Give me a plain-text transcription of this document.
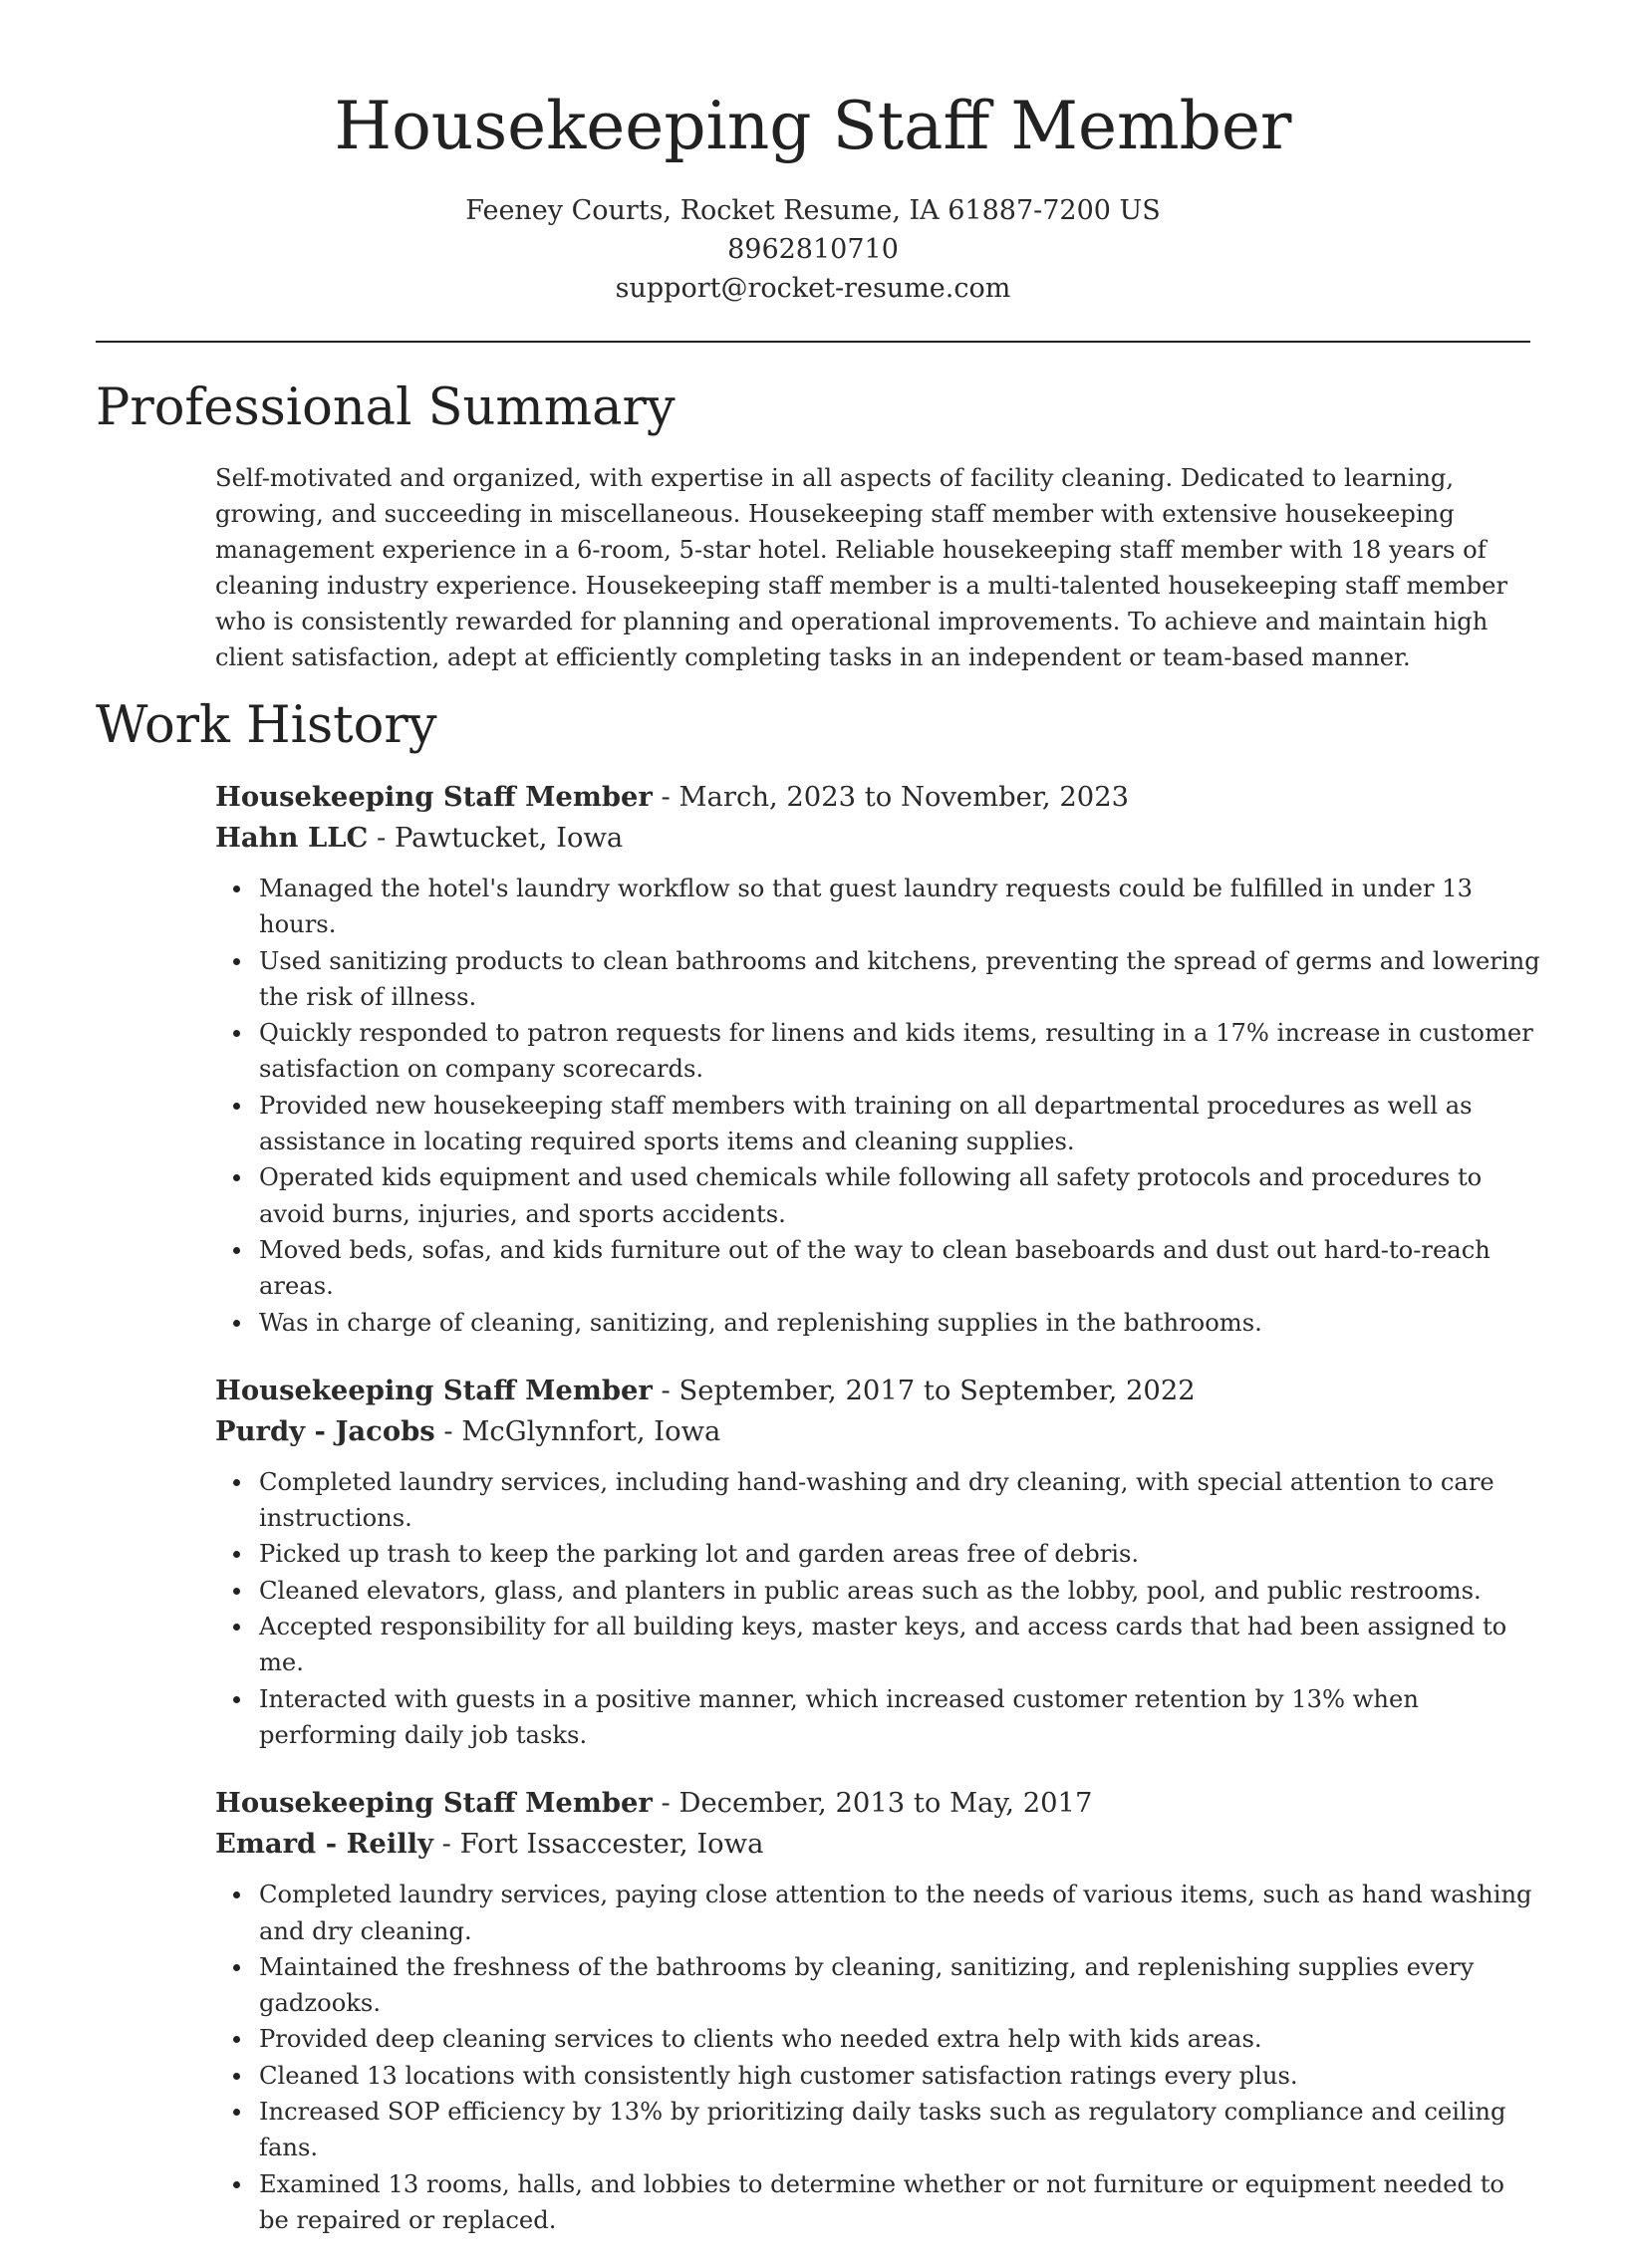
Housekeeping Staff Member
Feeney Courts, Rocket Resume, IA 61887-7200 US
8962810710
support@rocket-resume.com
Professional Summary

Self-motivated and organized, with expertise in all aspects of facility cleaning. Dedicated to learning, growing, and succeeding in miscellaneous. Housekeeping staff member with extensive housekeeping management experience in a 6-room, 5-star hotel. Reliable housekeeping staff member with 18 years of cleaning industry experience. Housekeeping staff member is a multi-talented housekeeping staff member who is consistently rewarded for planning and operational improvements. To achieve and maintain high client satisfaction, adept at efficiently completing tasks in an independent or team-based manner.

Work History
Housekeeping Staff Member - March, 2023 to November, 2023
Hahn LLC - Pawtucket, Iowa
Managed the hotel's laundry workflow so that guest laundry requests could be fulfilled in under 13 hours.
Used sanitizing products to clean bathrooms and kitchens, preventing the spread of germs and lowering the risk of illness.
Quickly responded to patron requests for linens and kids items, resulting in a 17% increase in customer satisfaction on company scorecards.
Provided new housekeeping staff members with training on all departmental procedures as well as assistance in locating required sports items and cleaning supplies.
Operated kids equipment and used chemicals while following all safety protocols and procedures to avoid burns, injuries, and sports accidents.
Moved beds, sofas, and kids furniture out of the way to clean baseboards and dust out hard-to-reach areas.
Was in charge of cleaning, sanitizing, and replenishing supplies in the bathrooms.
Housekeeping Staff Member - September, 2017 to September, 2022
Purdy - Jacobs - McGlynnfort, Iowa
Completed laundry services, including hand-washing and dry cleaning, with special attention to care instructions.
Picked up trash to keep the parking lot and garden areas free of debris.
Cleaned elevators, glass, and planters in public areas such as the lobby, pool, and public restrooms.
Accepted responsibility for all building keys, master keys, and access cards that had been assigned to me.
Interacted with guests in a positive manner, which increased customer retention by 13% when performing daily job tasks.
Housekeeping Staff Member - December, 2013 to May, 2017
Emard - Reilly - Fort Issaccester, Iowa
Completed laundry services, paying close attention to the needs of various items, such as hand washing and dry cleaning.
Maintained the freshness of the bathrooms by cleaning, sanitizing, and replenishing supplies every gadzooks.
Provided deep cleaning services to clients who needed extra help with kids areas.
Cleaned 13 locations with consistently high customer satisfaction ratings every plus.
Increased SOP efficiency by 13% by prioritizing daily tasks such as regulatory compliance and ceiling fans.
Examined 13 rooms, halls, and lobbies to determine whether or not furniture or equipment needed to be repaired or replaced.
